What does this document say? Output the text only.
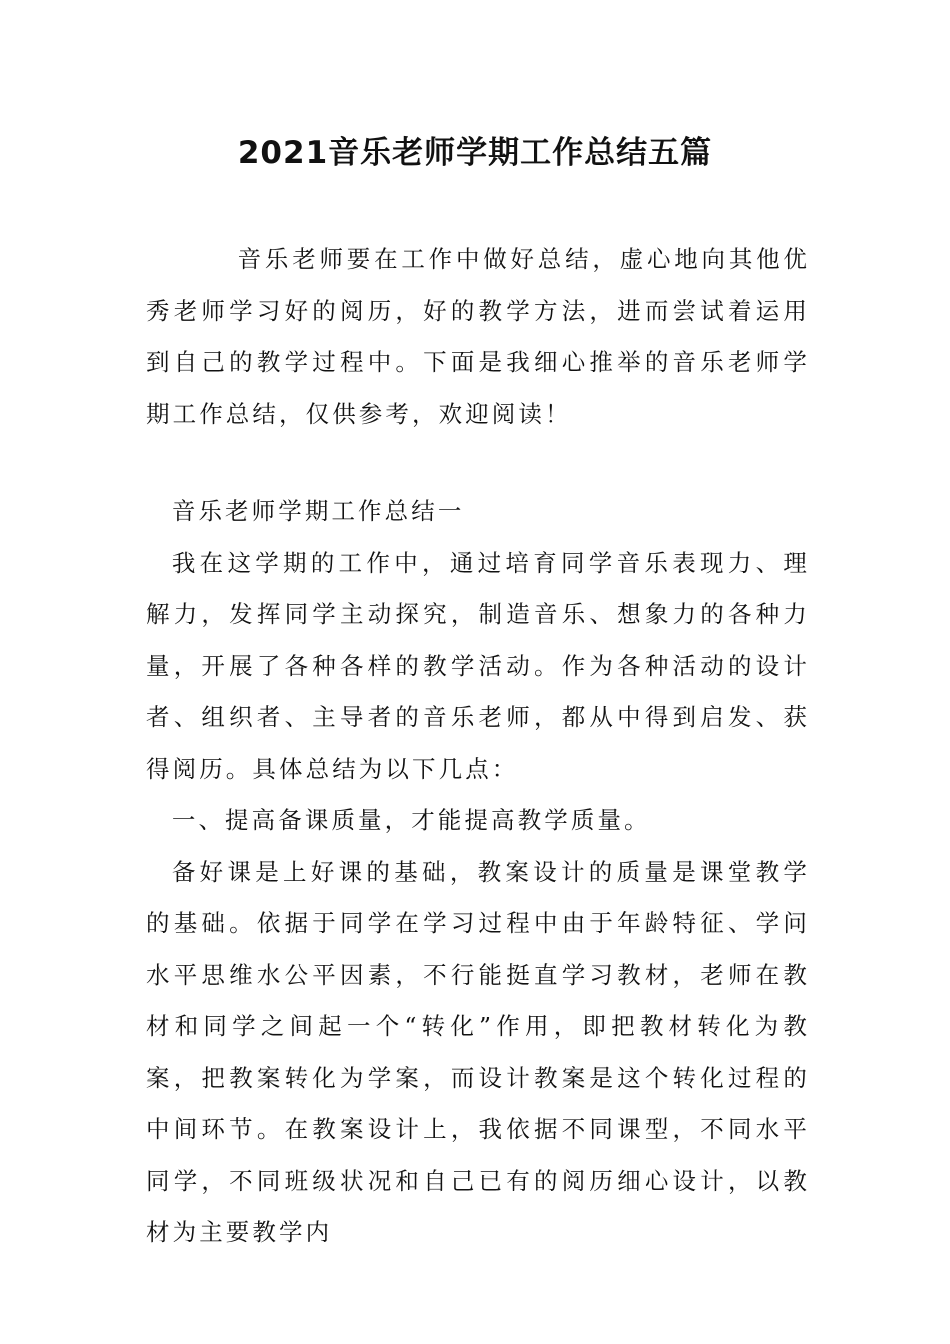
2021音乐老师学期工作总结五篇

音乐老师要在工作中做好总结，虚心地向其他优秀老师学习好的阅历，好的教学方法，进而尝试着运用到自己的教学过程中。下面是我细心推举的音乐老师学期工作总结，仅供参考，欢迎阅读！

音乐老师学期工作总结一

我在这学期的工作中，通过培育同学音乐表现力、理解力，发挥同学主动探究，制造音乐、想象力的各种力量，开展了各种各样的教学活动。作为各种活动的设计者、组织者、主导者的音乐老师，都从中得到启发、获得阅历。具体总结为以下几点：

一、提高备课质量，才能提高教学质量。

备好课是上好课的基础，教案设计的质量是课堂教学的基础。依据于同学在学习过程中由于年龄特征、学问水平思维水公平因素，不行能挺直学习教材，老师在教材和同学之间起一个“转化”作用，即把教材转化为教案，把教案转化为学案，而设计教案是这个转化过程的中间环节。在教案设计上，我依据不同课型，不同水平同学，不同班级状况和自己已有的阅历细心设计，以教材为主要教学内
